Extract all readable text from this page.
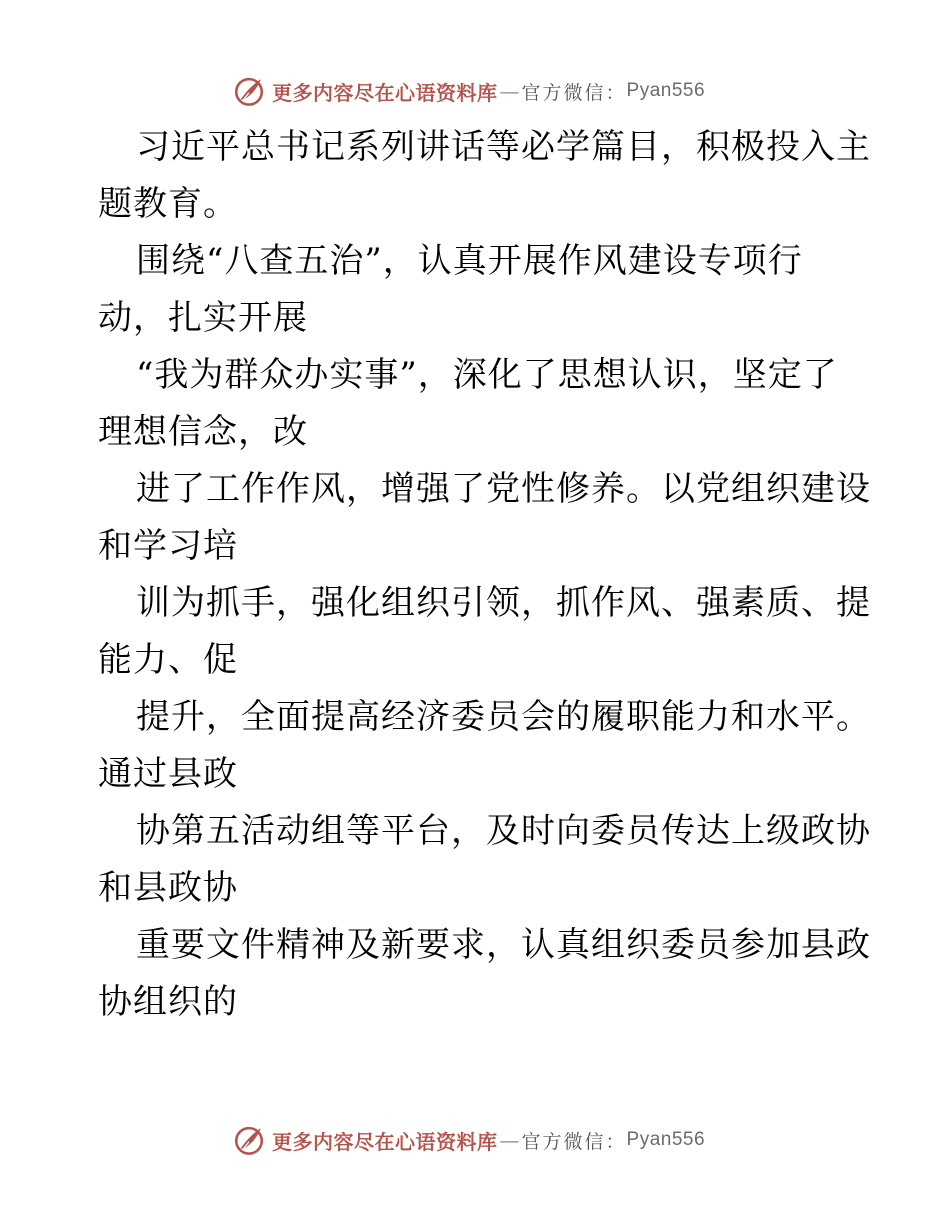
更多内容尽在心语资料库 — 官方微信： Pyan556
习近平总书记系列讲话等必学篇目，积极投入主
题教育。
围绕“八查五治”，认真开展作风建设专项行
动，扎实开展
“我为群众办实事”，深化了思想认识，坚定了
理想信念，改
进了工作作风，增强了党性修养。以党组织建设
和学习培
训为抓手，强化组织引领，抓作风、强素质、提
能力、促
提升，全面提高经济委员会的履职能力和水平。
通过县政
协第五活动组等平台，及时向委员传达上级政协
和县政协
重要文件精神及新要求，认真组织委员参加县政
协组织的
更多内容尽在心语资料库 — 官方微信： Pyan556
